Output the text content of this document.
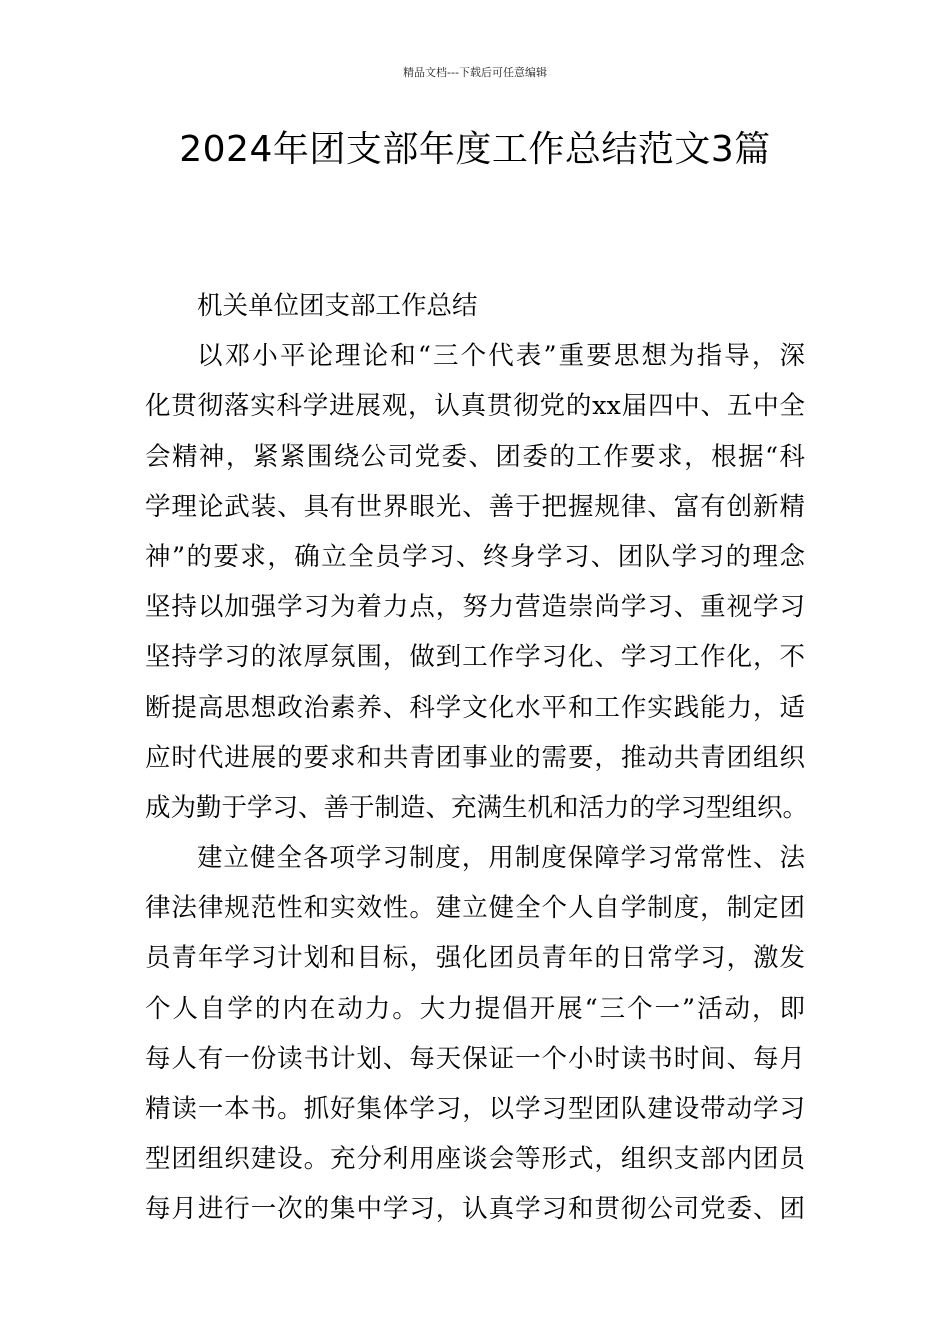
精品文档---下载后可任意编辑
2024年团支部年度工作总结范文3篇
机关单位团支部工作总结
以邓小平论理论和“三个代表”重要思想为指导，深
化贯彻落实科学进展观，认真贯彻党的xx届四中、五中全
会精神，紧紧围绕公司党委、团委的工作要求，根据“科
学理论武装、具有世界眼光、善于把握规律、富有创新精
神”的要求，确立全员学习、终身学习、团队学习的理念
坚持以加强学习为着力点，努力营造崇尚学习、重视学习
坚持学习的浓厚氛围，做到工作学习化、学习工作化，不
断提高思想政治素养、科学文化水平和工作实践能力，适
应时代进展的要求和共青团事业的需要，推动共青团组织
成为勤于学习、善于制造、充满生机和活力的学习型组织。
建立健全各项学习制度，用制度保障学习常常性、法
律法律规范性和实效性。建立健全个人自学制度，制定团
员青年学习计划和目标，强化团员青年的日常学习，激发
个人自学的内在动力。大力提倡开展“三个一”活动，即
每人有一份读书计划、每天保证一个小时读书时间、每月
精读一本书。抓好集体学习，以学习型团队建设带动学习
型团组织建设。充分利用座谈会等形式，组织支部内团员
每月进行一次的集中学习，认真学习和贯彻公司党委、团
